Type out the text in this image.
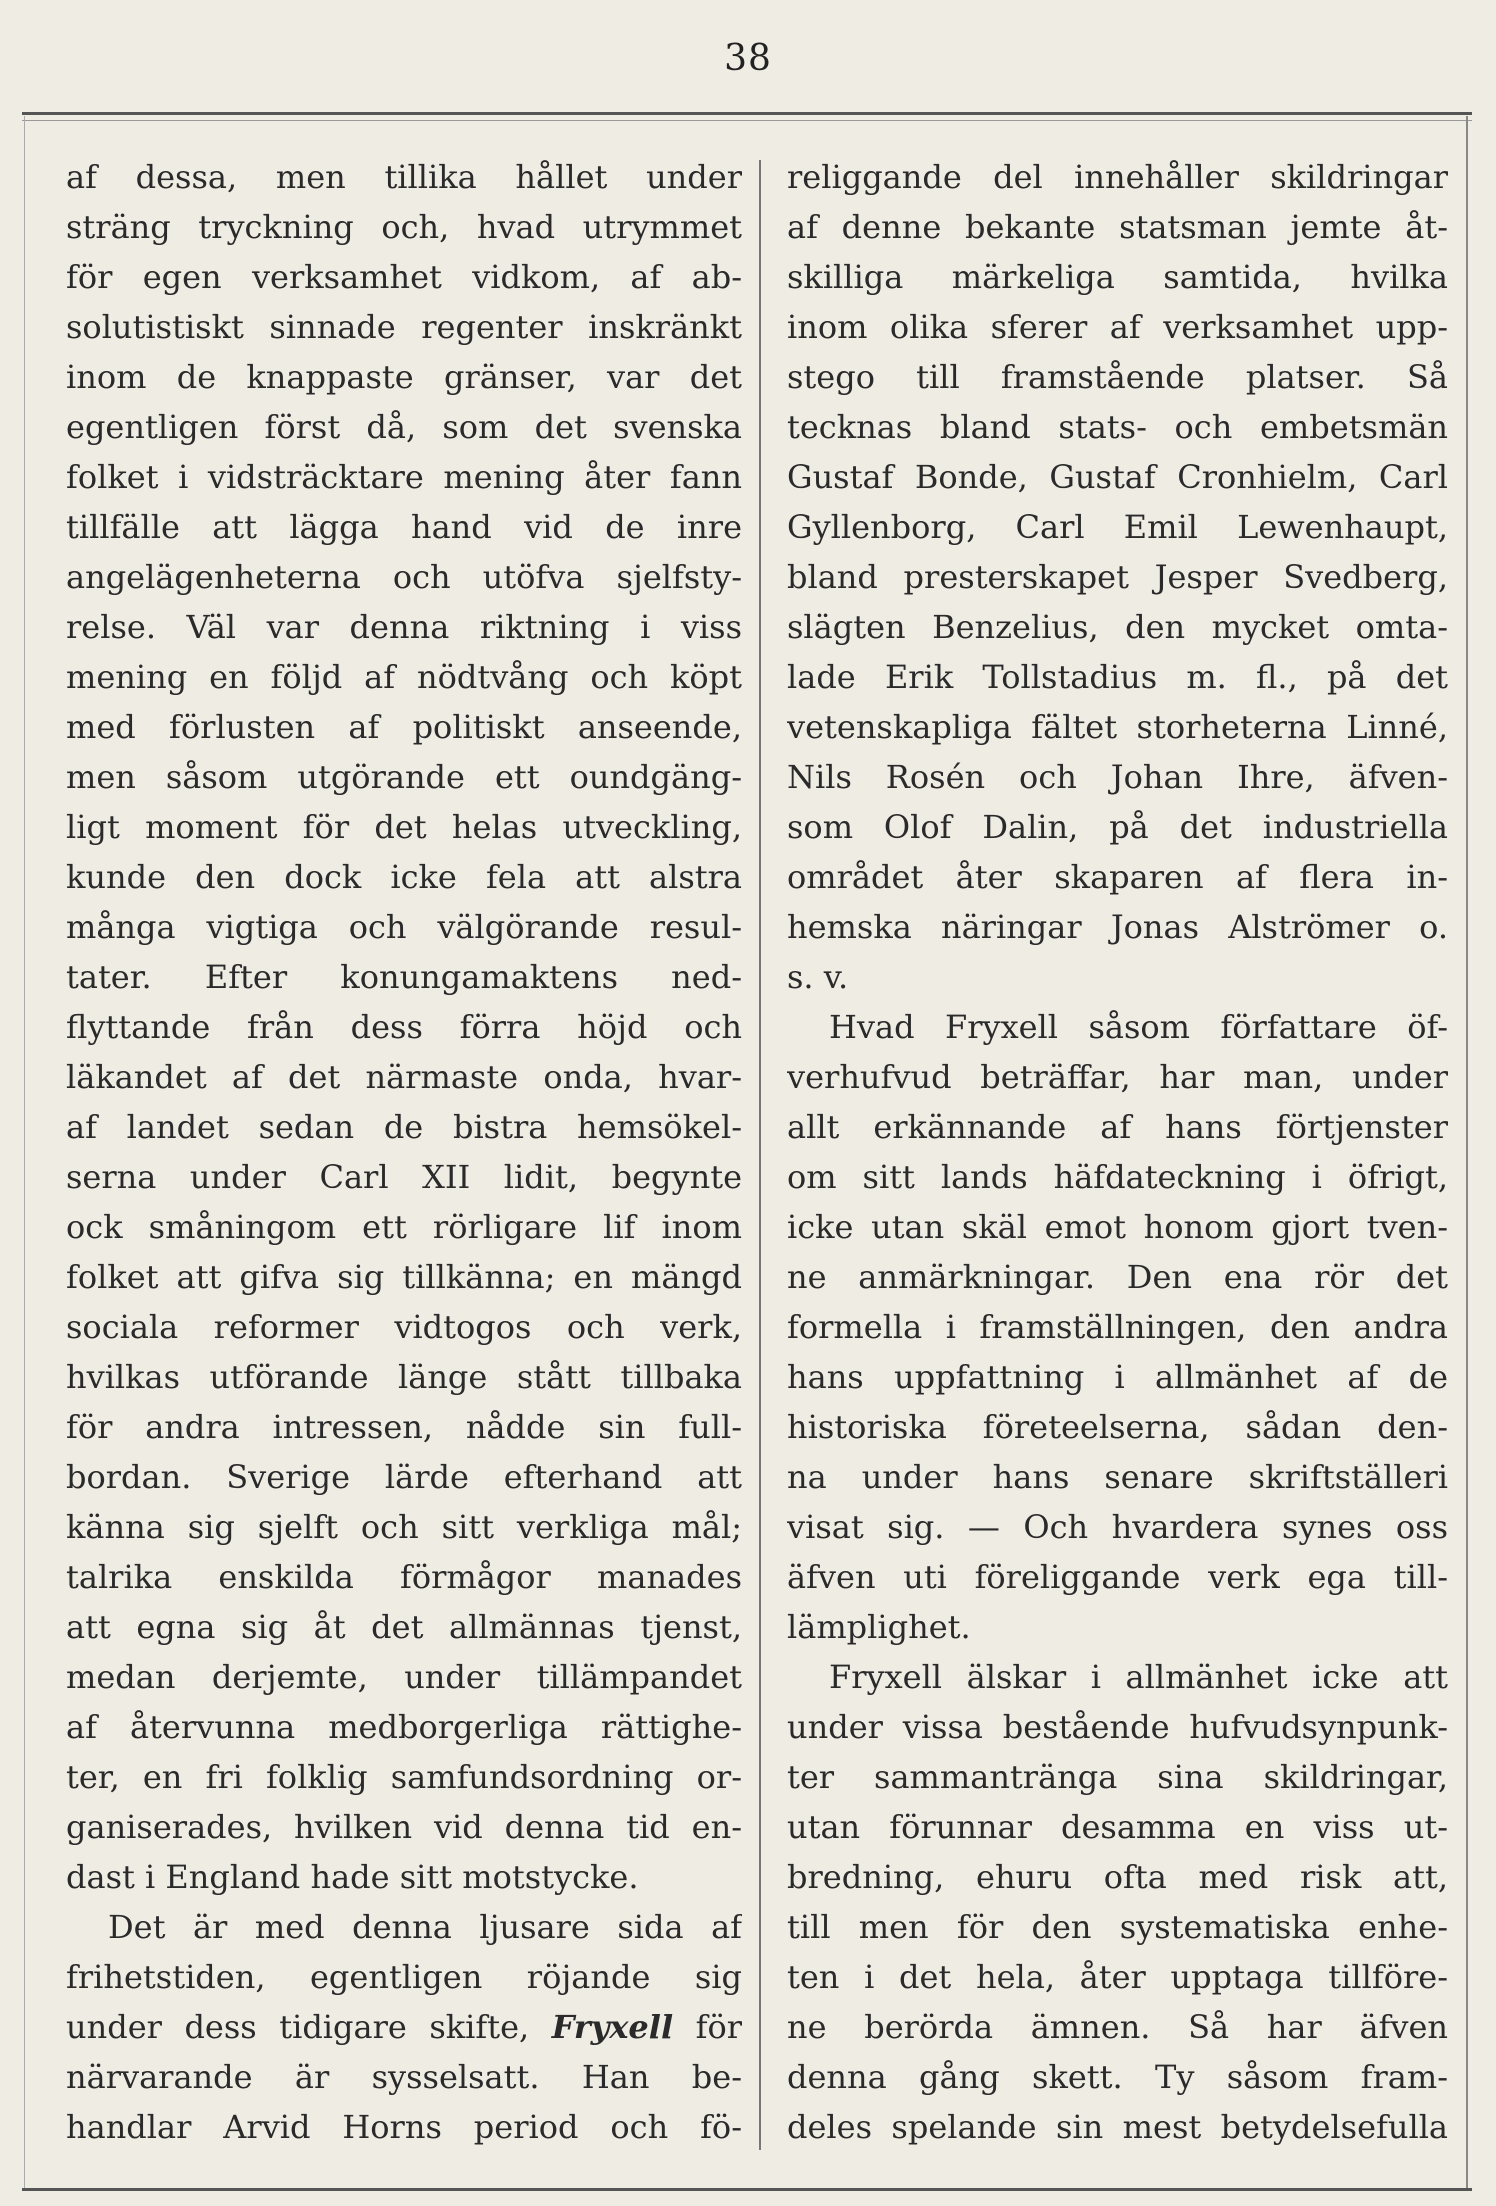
38
af dessa, men tillika hållet under
sträng tryckning och, hvad utrymmet
för egen verksamhet vidkom, af ab-
solutistiskt sinnade regenter inskränkt
inom de knappaste gränser, var det
egentligen först då, som det svenska
folket i vidsträcktare mening åter fann
tillfälle att lägga hand vid de inre
angelägenheterna och utöfva sjelfsty-
relse. Väl var denna riktning i viss
mening en följd af nödtvång och köpt
med förlusten af politiskt anseende,
men såsom utgörande ett oundgäng-
ligt moment för det helas utveckling,
kunde den dock icke fela att alstra
många vigtiga och välgörande resul-
tater. Efter konungamaktens ned-
flyttande från dess förra höjd och
läkandet af det närmaste onda, hvar-
af landet sedan de bistra hemsökel-
serna under Carl XII lidit, begynte
ock småningom ett rörligare lif inom
folket att gifva sig tillkänna; en mängd
sociala reformer vidtogos och verk,
hvilkas utförande länge stått tillbaka
för andra intressen, nådde sin full-
bordan. Sverige lärde efterhand att
känna sig sjelft och sitt verkliga mål;
talrika enskilda förmågor manades
att egna sig åt det allmännas tjenst,
medan derjemte, under tillämpandet
af återvunna medborgerliga rättighe-
ter, en fri folklig samfundsordning or-
ganiserades, hvilken vid denna tid en-
dast i England hade sitt motstycke.
Det är med denna ljusare sida af
frihetstiden, egentligen röjande sig
under dess tidigare skifte, Fryxell för
närvarande är sysselsatt. Han be-
handlar Arvid Horns period och fö-
religgande del innehåller skildringar
af denne bekante statsman jemte åt-
skilliga märkeliga samtida, hvilka
inom olika sferer af verksamhet upp-
stego till framstående platser. Så
tecknas bland stats- och embetsmän
Gustaf Bonde, Gustaf Cronhielm, Carl
Gyllenborg, Carl Emil Lewenhaupt,
bland presterskapet Jesper Svedberg,
slägten Benzelius, den mycket omta-
lade Erik Tollstadius m. fl., på det
vetenskapliga fältet storheterna Linné,
Nils Rosén och Johan Ihre, äfven-
som Olof Dalin, på det industriella
området åter skaparen af flera in-
hemska näringar Jonas Alströmer o.
s. v.
Hvad Fryxell såsom författare öf-
verhufvud beträffar, har man, under
allt erkännande af hans förtjenster
om sitt lands häfdateckning i öfrigt,
icke utan skäl emot honom gjort tven-
ne anmärkningar. Den ena rör det
formella i framställningen, den andra
hans uppfattning i allmänhet af de
historiska företeelserna, sådan den-
na under hans senare skriftställeri
visat sig. — Och hvardera synes oss
äfven uti föreliggande verk ega till-
lämplighet.
Fryxell älskar i allmänhet icke att
under vissa bestående hufvudsynpunk-
ter sammantränga sina skildringar,
utan förunnar desamma en viss ut-
bredning, ehuru ofta med risk att,
till men för den systematiska enhe-
ten i det hela, åter upptaga tillföre-
ne berörda ämnen. Så har äfven
denna gång skett. Ty såsom fram-
deles spelande sin mest betydelsefulla
